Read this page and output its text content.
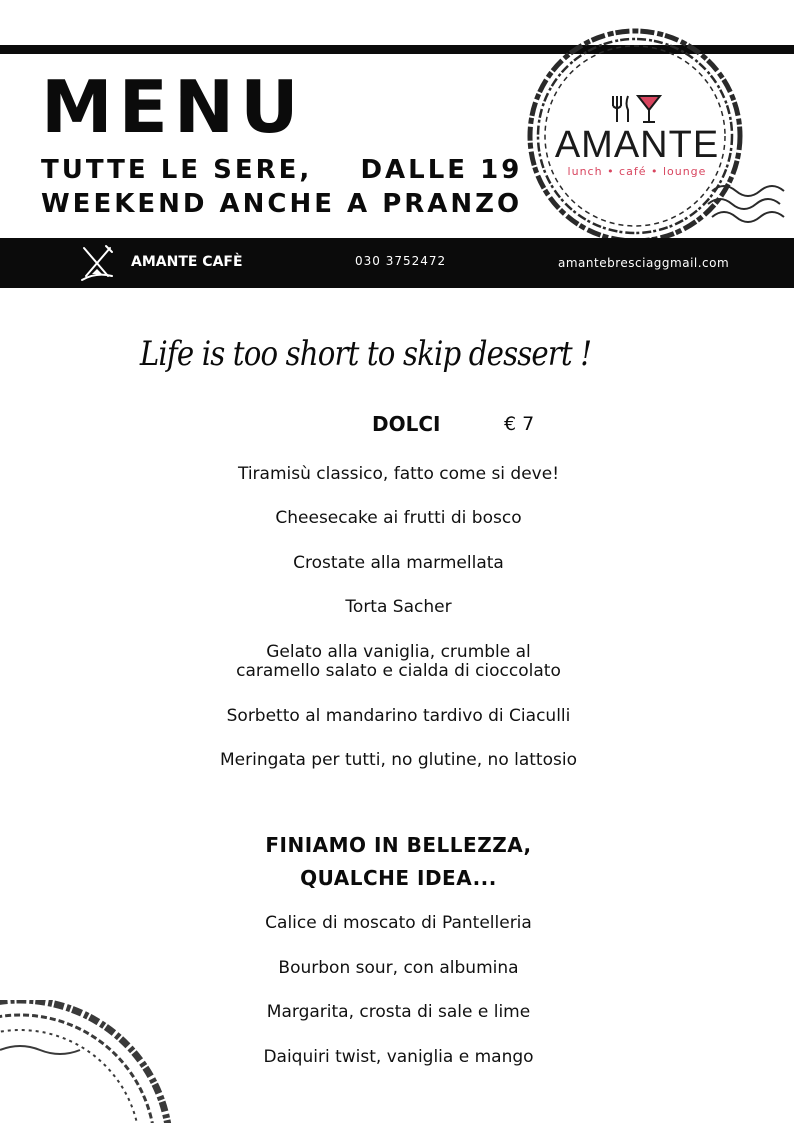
MENU
TUTTE LE SERE,    DALLE 19
WEEKEND ANCHE A PRANZO
AMANTE
lunch • café • lounge
AMANTE CAFÈ	030 3752472	amantebresciaggmail.com
Life is too short to skip dessert !
DOLCI	€ 7
Tiramisù classico, fatto come si deve!
Cheesecake ai frutti di bosco
Crostate alla marmellata
Torta Sacher
Gelato alla vaniglia, crumble al
caramello salato e cialda di cioccolato
Sorbetto al mandarino tardivo di Ciaculli
Meringata per tutti, no glutine, no lattosio
FINIAMO IN BELLEZZA,
QUALCHE IDEA...
Calice di moscato di Pantelleria
Bourbon sour, con albumina
Margarita, crosta di sale e lime
Daiquiri twist, vaniglia e mango
